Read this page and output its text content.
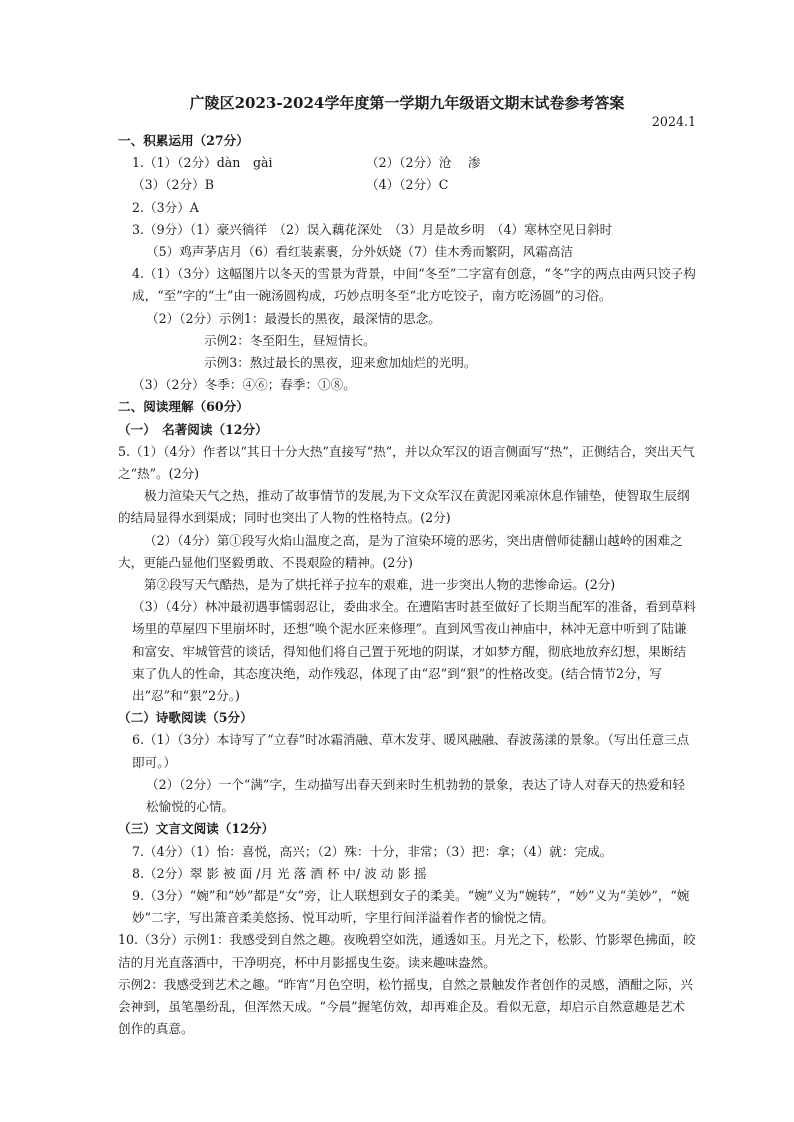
广陵区2023-2024学年度第一学期九年级语文期末试卷参考答案

2024.1

一、积累运用（27分）

1.（1）（2分）dàn　gài	（2）（2分）沧　 渗
（3）（2分）B	（4）（2分）C

2.（3分）A

3.（9分）（1）豪兴徜徉　（2）误入藕花深处　（3）月是故乡明　（4）寒林空见日斜时

（5）鸡声茅店月（6）看红装素裹，分外妖娆（7）佳木秀而繁阴，风霜高洁

4.（1）（3分）这幅图片以冬天的雪景为背景，中间“冬至”二字富有创意，“冬”字的两点由两只饺子构成，“至”字的“土”由一碗汤圆构成，巧妙点明冬至“北方吃饺子，南方吃汤圆”的习俗。

（2）（2分）示例1：最漫长的黑夜，最深情的思念。

示例2：冬至阳生，昼短情长。

示例3：熬过最长的黑夜，迎来愈加灿烂的光明。

（3）（2分）冬季：④⑥；春季：①⑧。

二、阅读理解（60分）

（一）　名著阅读（12分）

5.（1）（4分）作者以“其日十分大热”直接写“热”，并以众军汉的语言侧面写“热”，正侧结合，突出天气之“热”。(2分)

极力渲染天气之热，推动了故事情节的发展,为下文众军汉在黄泥冈乘凉休息作铺垫，使智取生辰纲的结局显得水到渠成；同时也突出了人物的性格特点。(2分)

（2）（4分）第①段写火焰山温度之高，是为了渲染环境的恶劣，突出唐僧师徒翻山越岭的困难之大，更能凸显他们坚毅勇敢、不畏艰险的精神。(2分)

第②段写天气酷热，是为了烘托祥子拉车的艰难，进一步突出人物的悲惨命运。(2分)

（3）（4分）林冲最初遇事懦弱忍让，委曲求全。在遭陷害时甚至做好了长期当配军的准备，看到草料场里的草屋四下里崩坏时，还想“唤个泥水匠来修理”。直到风雪夜山神庙中，林冲无意中听到了陆谦和富安、牢城管营的谈话，得知他们将自己置于死地的阴谋，才如梦方醒，彻底地放弃幻想，果断结束了仇人的性命，其态度决绝，动作残忍，体现了由“忍”到“狠”的性格改变。(结合情节2分，写出“忍”和“狠”2分。)

（二）诗歌阅读（5分）

6.（1）（3分）本诗写了“立春”时冰霜消融、草木发芽、暖风融融、春波荡漾的景象。（写出任意三点即可。）

（2）（2分）一个“满”字，生动描写出春天到来时生机勃勃的景象，表达了诗人对春天的热爱和轻松愉悦的心情。

（三）文言文阅读（12分）

7.（4分）（1）怡：喜悦，高兴；（2）殊：十分，非常；（3）把：拿；（4）就：完成。

8.（2分）翠 影 被 面 /月 光 落 酒 杯 中/ 波 动 影 摇

9.（3分）“婉”和“妙”都是“女”旁，让人联想到女子的柔美。“婉”义为“婉转”，“妙”义为“美妙”，“婉妙”二字，写出箫音柔美悠扬、悦耳动听，字里行间洋溢着作者的愉悦之情。

10.（3分）示例1：我感受到自然之趣。夜晚碧空如洗，通透如玉。月光之下，松影、竹影翠色拂面，皎洁的月光直落酒中，干净明亮，杯中月影摇曳生姿。读来趣味盎然。

示例2：我感受到艺术之趣。“昨宵”月色空明，松竹摇曳，自然之景触发作者创作的灵感，酒酣之际，兴会神到，虽笔墨纷乱，但浑然天成。“今晨”握笔仿效，却再难企及。看似无意，却启示自然意趣是艺术创作的真意。
